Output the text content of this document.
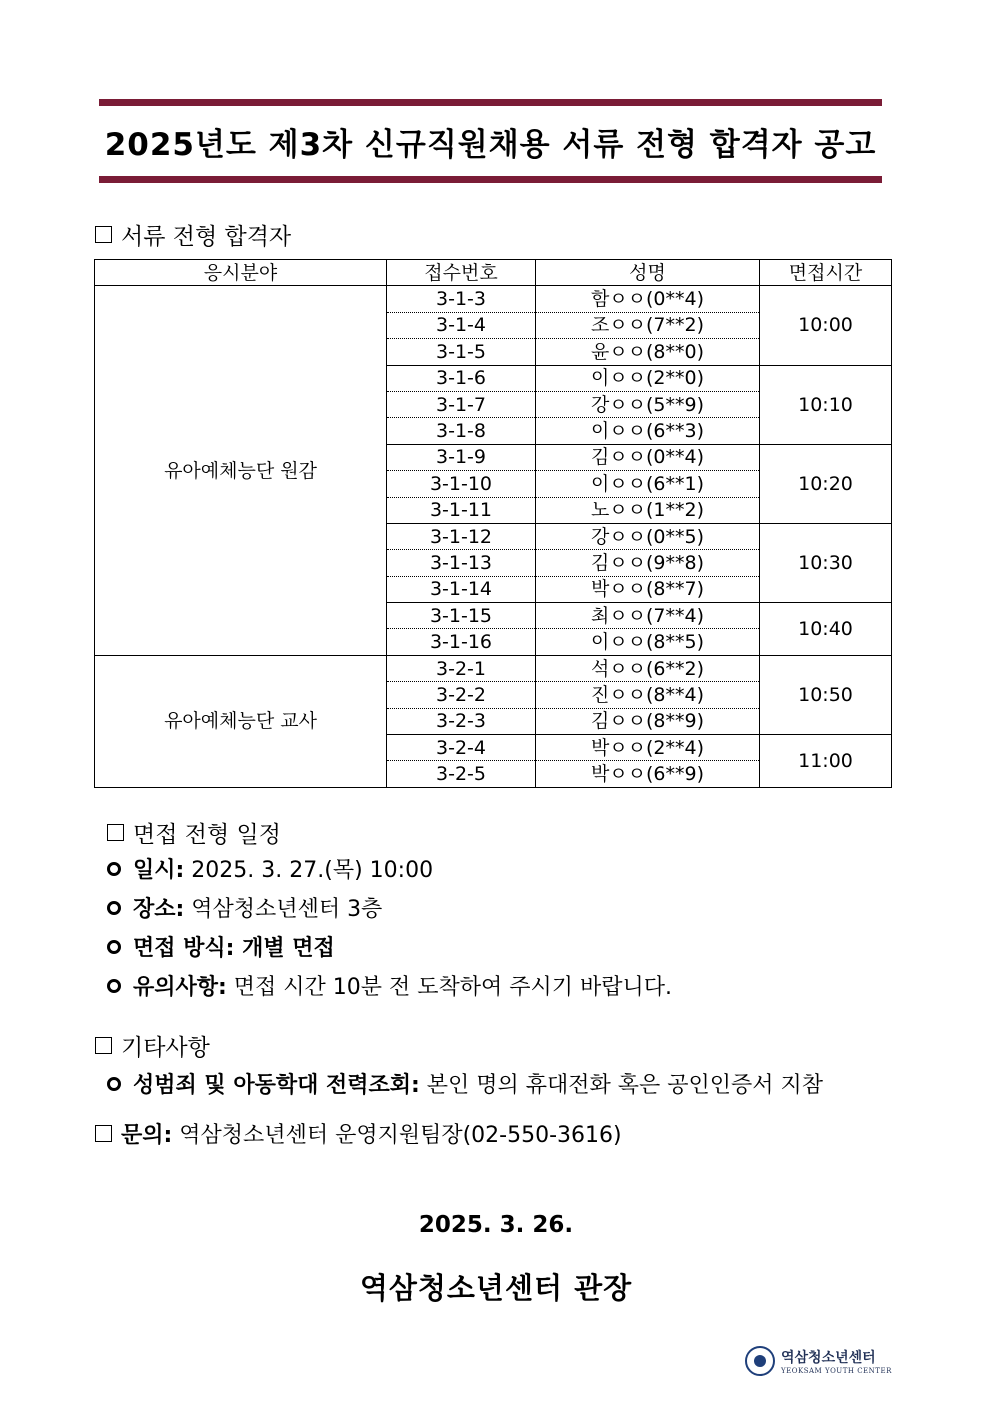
2025년도 제3차 신규직원채용 서류 전형 합격자 공고
서류 전형 합격자
응시분야	접수번호	성명	면접시간
유아예체능단 원감	3-1-3	함ㅇㅇ(0**4)	10:00
	3-1-4	조ㅇㅇ(7**2)	
	3-1-5	윤ㅇㅇ(8**0)	
	3-1-6	이ㅇㅇ(2**0)	10:10
	3-1-7	강ㅇㅇ(5**9)	
	3-1-8	이ㅇㅇ(6**3)	
	3-1-9	김ㅇㅇ(0**4)	10:20
	3-1-10	이ㅇㅇ(6**1)	
	3-1-11	노ㅇㅇ(1**2)	
	3-1-12	강ㅇㅇ(0**5)	10:30
	3-1-13	김ㅇㅇ(9**8)	
	3-1-14	박ㅇㅇ(8**7)	
	3-1-15	최ㅇㅇ(7**4)	10:40
	3-1-16	이ㅇㅇ(8**5)	
유아예체능단 교사	3-2-1	석ㅇㅇ(6**2)	10:50
	3-2-2	진ㅇㅇ(8**4)	
	3-2-3	김ㅇㅇ(8**9)	
	3-2-4	박ㅇㅇ(2**4)	11:00
	3-2-5	박ㅇㅇ(6**9)	
면접 전형 일정
일시: 2025. 3. 27.(목) 10:00
장소: 역삼청소년센터 3층
면접 방식: 개별 면접
유의사항: 면접 시간 10분 전 도착하여 주시기 바랍니다.
기타사항
성범죄 및 아동학대 전력조회: 본인 명의 휴대전화 혹은 공인인증서 지참
문의: 역삼청소년센터 운영지원팀장(02-550-3616)
2025. 3. 26.
역삼청소년센터 관장
역삼청소년센터
YEOKSAM YOUTH CENTER
